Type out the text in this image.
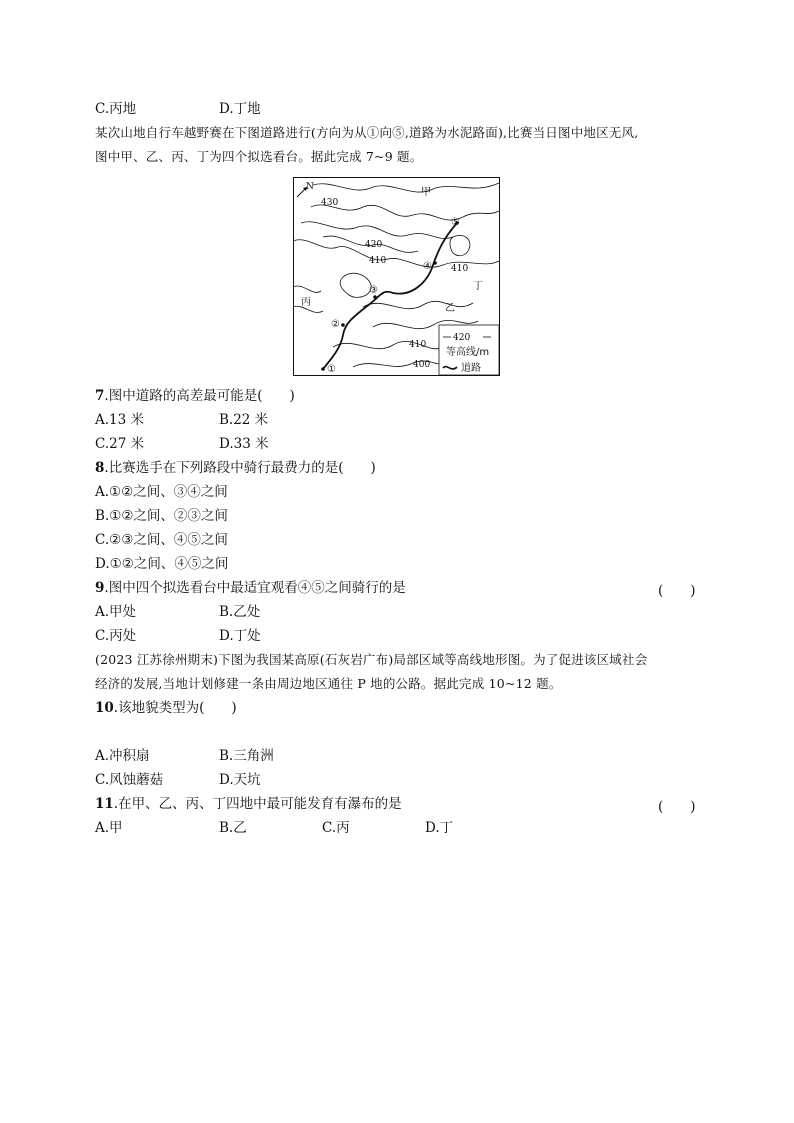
C.丙地	D.丁地
某次山地自行车越野赛在下图道路进行(方向为从①向⑤,道路为水泥路面),比赛当日图中地区无风,
图中甲、乙、丙、丁为四个拟选看台。据此完成 7~9 题。
N
①
②
③
④
⑤
甲
乙
丙
丁
430
420
410
410
410
400
420
等高线/m
道路
7.图中道路的高差最可能是(　　)
A.13 米	B.22 米
C.27 米	D.33 米
8.比赛选手在下列路段中骑行最费力的是(　　)
A.①②之间、③④之间
B.①②之间、②③之间
C.②③之间、④⑤之间
D.①②之间、④⑤之间
9.图中四个拟选看台中最适宜观看④⑤之间骑行的是	(　　)
A.甲处	B.乙处
C.丙处	D.丁处
(2023 江苏徐州期末)下图为我国某高原(石灰岩广布)局部区域等高线地形图。为了促进该区域社会
经济的发展,当地计划修建一条由周边地区通往 P 地的公路。据此完成 10~12 题。
10.该地貌类型为(　　)
A.冲积扇	B.三角洲
C.风蚀蘑菇	D.天坑
11.在甲、乙、丙、丁四地中最可能发育有瀑布的是	(　　)
A.甲	B.乙	C.丙	D.丁
